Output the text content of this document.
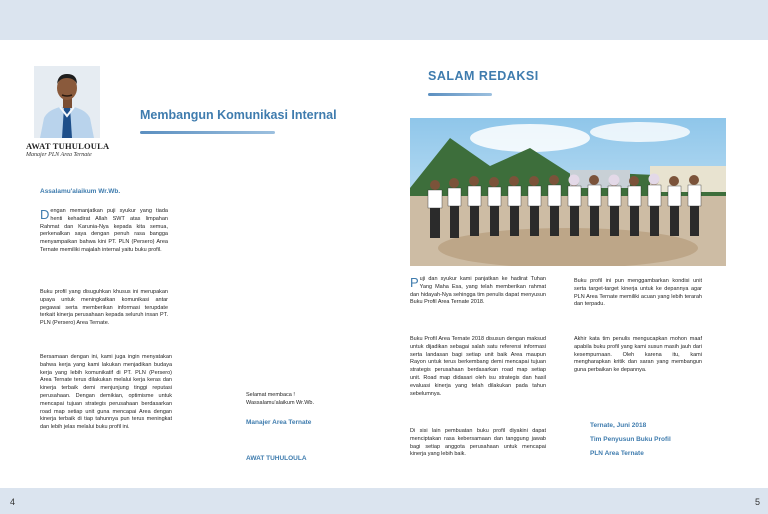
AWAT TUHULOULA
Manajer PLN Area Ternate
Membangun Komunikasi Internal
Assalamu'alaikum Wr.Wb.
Dengan memanjatkan puji syukur yang tiada henti kehadirat Allah SWT atas limpahan Rahmat dan Karunia-Nya kepada kita semua, perkenalkan saya dengan penuh rasa bangga menyampaikan bahwa kini PT. PLN (Persero) Area Ternate memiliki majalah internal yaitu buku profil.
Buku profil yang disuguhkan khusus ini merupakan upaya untuk meningkatkan komunikasi antar pegawai serta memberikan informasi terupdate terkait kinerja perusahaan kepada seluruh insan PT. PLN (Persero) Area Ternate.
Bersamaan dengan ini, kami juga ingin menyatakan bahwa kerja yang kami lakukan menjadikan budaya kerja yang lebih komunikatif di PT. PLN (Persero) Area Ternate terus dilakukan melalui kerja keras dan kinerja terbaik demi menjunjung tinggi reputasi perusahaan. Dengan demikian, optimisme untuk mencapai tujuan strategis perusahaan berdasarkan road map setiap unit guna mencapai Area dengan kinerja terbaik di tiap tahunnya pun terus meningkat dan lebih jelas melalui buku profil ini.
Selamat membaca !
Wassalamu'alaikum Wr.Wb.
Manajer Area Ternate
AWAT TUHULOULA
SALAM REDAKSI
Puji dan syukur kami panjatkan ke hadirat Tuhan Yang Maha Esa, yang telah memberikan rahmat dan hidayah-Nya sehingga tim penulis dapat menyusun Buku Profil Area Ternate 2018.
Buku Profil Area Ternate 2018 disusun dengan maksud untuk dijadikan sebagai salah satu referensi informasi serta landasan bagi setiap unit baik Area maupun Rayon untuk terus berkembang demi mencapai tujuan strategis perusahaan berdasarkan road map setiap unit. Road map didasari oleh isu strategis dan hasil evaluasi kinerja yang telah dilakukan pada tahun sebelumnya.
Di sisi lain pembuatan buku profil diyakini dapat menciptakan rasa kebersamaan dan tanggung jawab bagi setiap anggota perusahaan untuk mencapai kinerja yang lebih baik.
Buku profil ini pun menggambarkan kondisi unit serta target-target kinerja untuk ke depannya agar PLN Area Ternate memiliki acuan yang lebih terarah dan terpadu.
Akhir kata tim penulis mengucapkan mohon maaf apabila buku profil yang kami susun masih jauh dari kesempurnaan. Oleh karena itu, kami mengharapkan kritik dan saran yang membangun guna perbaikan ke depannya.
Ternate, Juni 2018
Tim Penyusun Buku Profil
PLN Area Ternate
4	5
